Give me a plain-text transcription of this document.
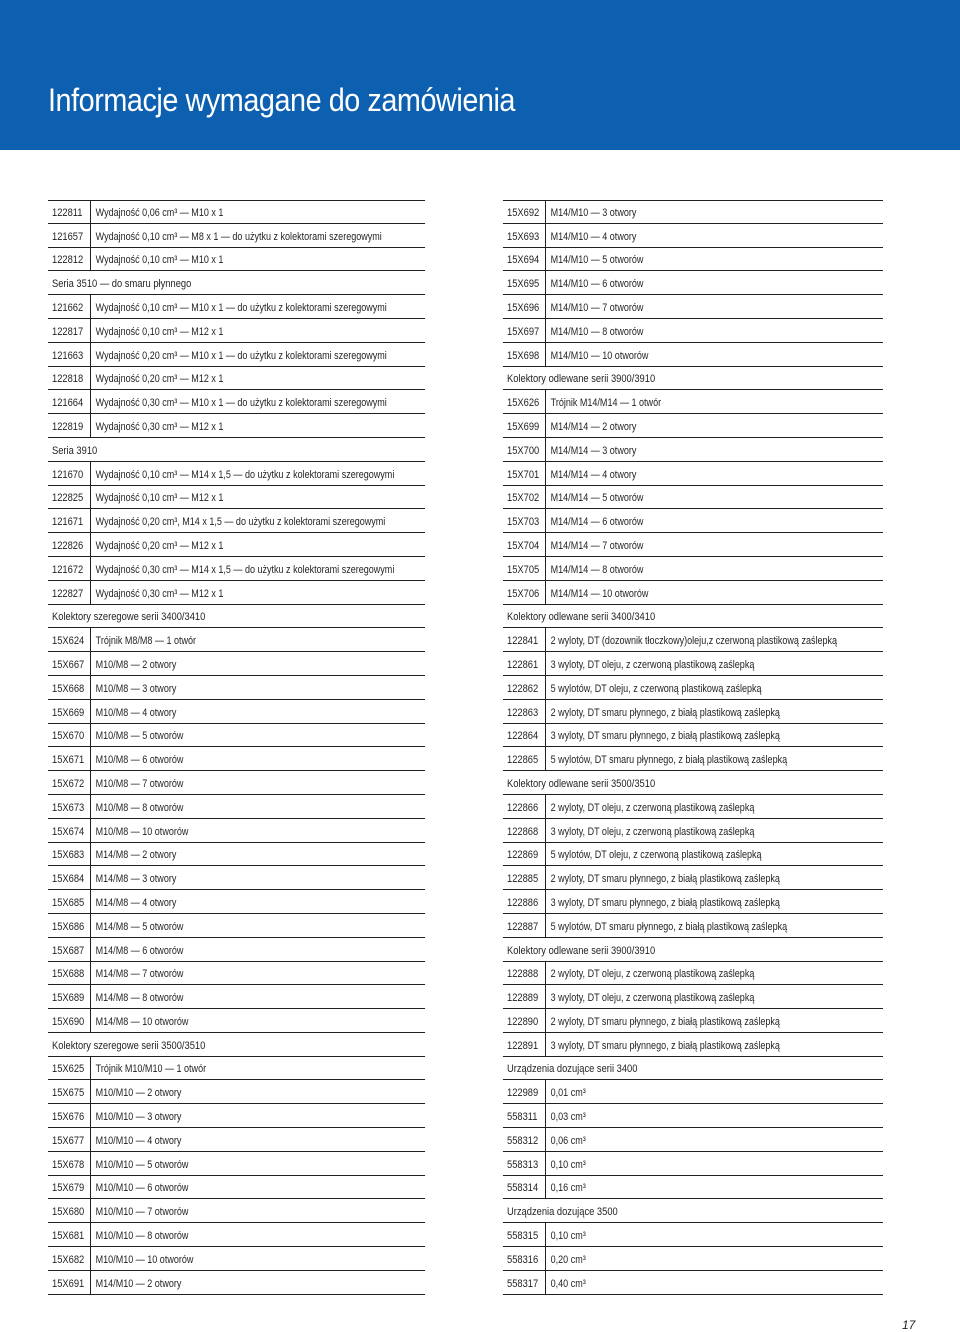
Informacje wymagane do zamówienia
122811 Wydajność 0,06 cm³ — M10 x 1
121657 Wydajność 0,10 cm³ — M8 x 1 — do użytku z kolektorami szeregowymi
122812 Wydajność 0,10 cm³ — M10 x 1
Seria 3510 — do smaru płynnego
121662 Wydajność 0,10 cm³ — M10 x 1 — do użytku z kolektorami szeregowymi
122817 Wydajność 0,10 cm³ — M12 x 1
121663 Wydajność 0,20 cm³ — M10 x 1 — do użytku z kolektorami szeregowymi
122818 Wydajność 0,20 cm³ — M12 x 1
121664 Wydajność 0,30 cm³ — M10 x 1 — do użytku z kolektorami szeregowymi
122819 Wydajność 0,30 cm³ — M12 x 1
Seria 3910
121670 Wydajność 0,10 cm³ — M14 x 1,5 — do użytku z kolektorami szeregowymi
122825 Wydajność 0,10 cm³ — M12 x 1
121671 Wydajność 0,20 cm³, M14 x 1,5 — do użytku z kolektorami szeregowymi
122826 Wydajność 0,20 cm³ — M12 x 1
121672 Wydajność 0,30 cm³ — M14 x 1,5 — do użytku z kolektorami szeregowymi
122827 Wydajność 0,30 cm³ — M12 x 1
Kolektory szeregowe serii 3400/3410
15X624 Trójnik M8/M8 — 1 otwór
15X667 M10/M8 — 2 otwory
15X668 M10/M8 — 3 otwory
15X669 M10/M8 — 4 otwory
15X670 M10/M8 — 5 otworów
15X671 M10/M8 — 6 otworów
15X672 M10/M8 — 7 otworów
15X673 M10/M8 — 8 otworów
15X674 M10/M8 — 10 otworów
15X683 M14/M8 — 2 otwory
15X684 M14/M8 — 3 otwory
15X685 M14/M8 — 4 otwory
15X686 M14/M8 — 5 otworów
15X687 M14/M8 — 6 otworów
15X688 M14/M8 — 7 otworów
15X689 M14/M8 — 8 otworów
15X690 M14/M8 — 10 otworów
Kolektory szeregowe serii 3500/3510
15X625 Trójnik M10/M10 — 1 otwór
15X675 M10/M10 — 2 otwory
15X676 M10/M10 — 3 otwory
15X677 M10/M10 — 4 otwory
15X678 M10/M10 — 5 otworów
15X679 M10/M10 — 6 otworów
15X680 M10/M10 — 7 otworów
15X681 M10/M10 — 8 otworów
15X682 M10/M10 — 10 otworów
15X691 M14/M10 — 2 otwory
15X692 M14/M10 — 3 otwory
15X693 M14/M10 — 4 otwory
15X694 M14/M10 — 5 otworów
15X695 M14/M10 — 6 otworów
15X696 M14/M10 — 7 otworów
15X697 M14/M10 — 8 otworów
15X698 M14/M10 — 10 otworów
Kolektory odlewane serii 3900/3910
15X626 Trójnik M14/M14 — 1 otwór
15X699 M14/M14 — 2 otwory
15X700 M14/M14 — 3 otwory
15X701 M14/M14 — 4 otwory
15X702 M14/M14 — 5 otworów
15X703 M14/M14 — 6 otworów
15X704 M14/M14 — 7 otworów
15X705 M14/M14 — 8 otworów
15X706 M14/M14 — 10 otworów
Kolektory odlewane serii 3400/3410
122841 2 wyloty, DT (dozownik tłoczkowy)oleju,z czerwoną plastikową zaślepką
122861 3 wyloty, DT oleju, z czerwoną plastikową zaślepką
122862 5 wylotów, DT oleju, z czerwoną plastikową zaślepką
122863 2 wyloty, DT smaru płynnego, z białą plastikową zaślepką
122864 3 wyloty, DT smaru płynnego, z białą plastikową zaślepką
122865 5 wylotów, DT smaru płynnego, z białą plastikową zaślepką
Kolektory odlewane serii 3500/3510
122866 2 wyloty, DT oleju, z czerwoną plastikową zaślepką
122868 3 wyloty, DT oleju, z czerwoną plastikową zaślepką
122869 5 wylotów, DT oleju, z czerwoną plastikową zaślepką
122885 2 wyloty, DT smaru płynnego, z białą plastikową zaślepką
122886 3 wyloty, DT smaru płynnego, z białą plastikową zaślepką
122887 5 wylotów, DT smaru płynnego, z białą plastikową zaślepką
Kolektory odlewane serii 3900/3910
122888 2 wyloty, DT oleju, z czerwoną plastikową zaślepką
122889 3 wyloty, DT oleju, z czerwoną plastikową zaślepką
122890 2 wyloty, DT smaru płynnego, z białą plastikową zaślepką
122891 3 wyloty, DT smaru płynnego, z białą plastikową zaślepką
Urządzenia dozujące serii 3400
122989 0,01 cm³
558311 0,03 cm³
558312 0,06 cm³
558313 0,10 cm³
558314 0,16 cm³
Urządzenia dozujące 3500
558315 0,10 cm³
558316 0,20 cm³
558317 0,40 cm³
17
